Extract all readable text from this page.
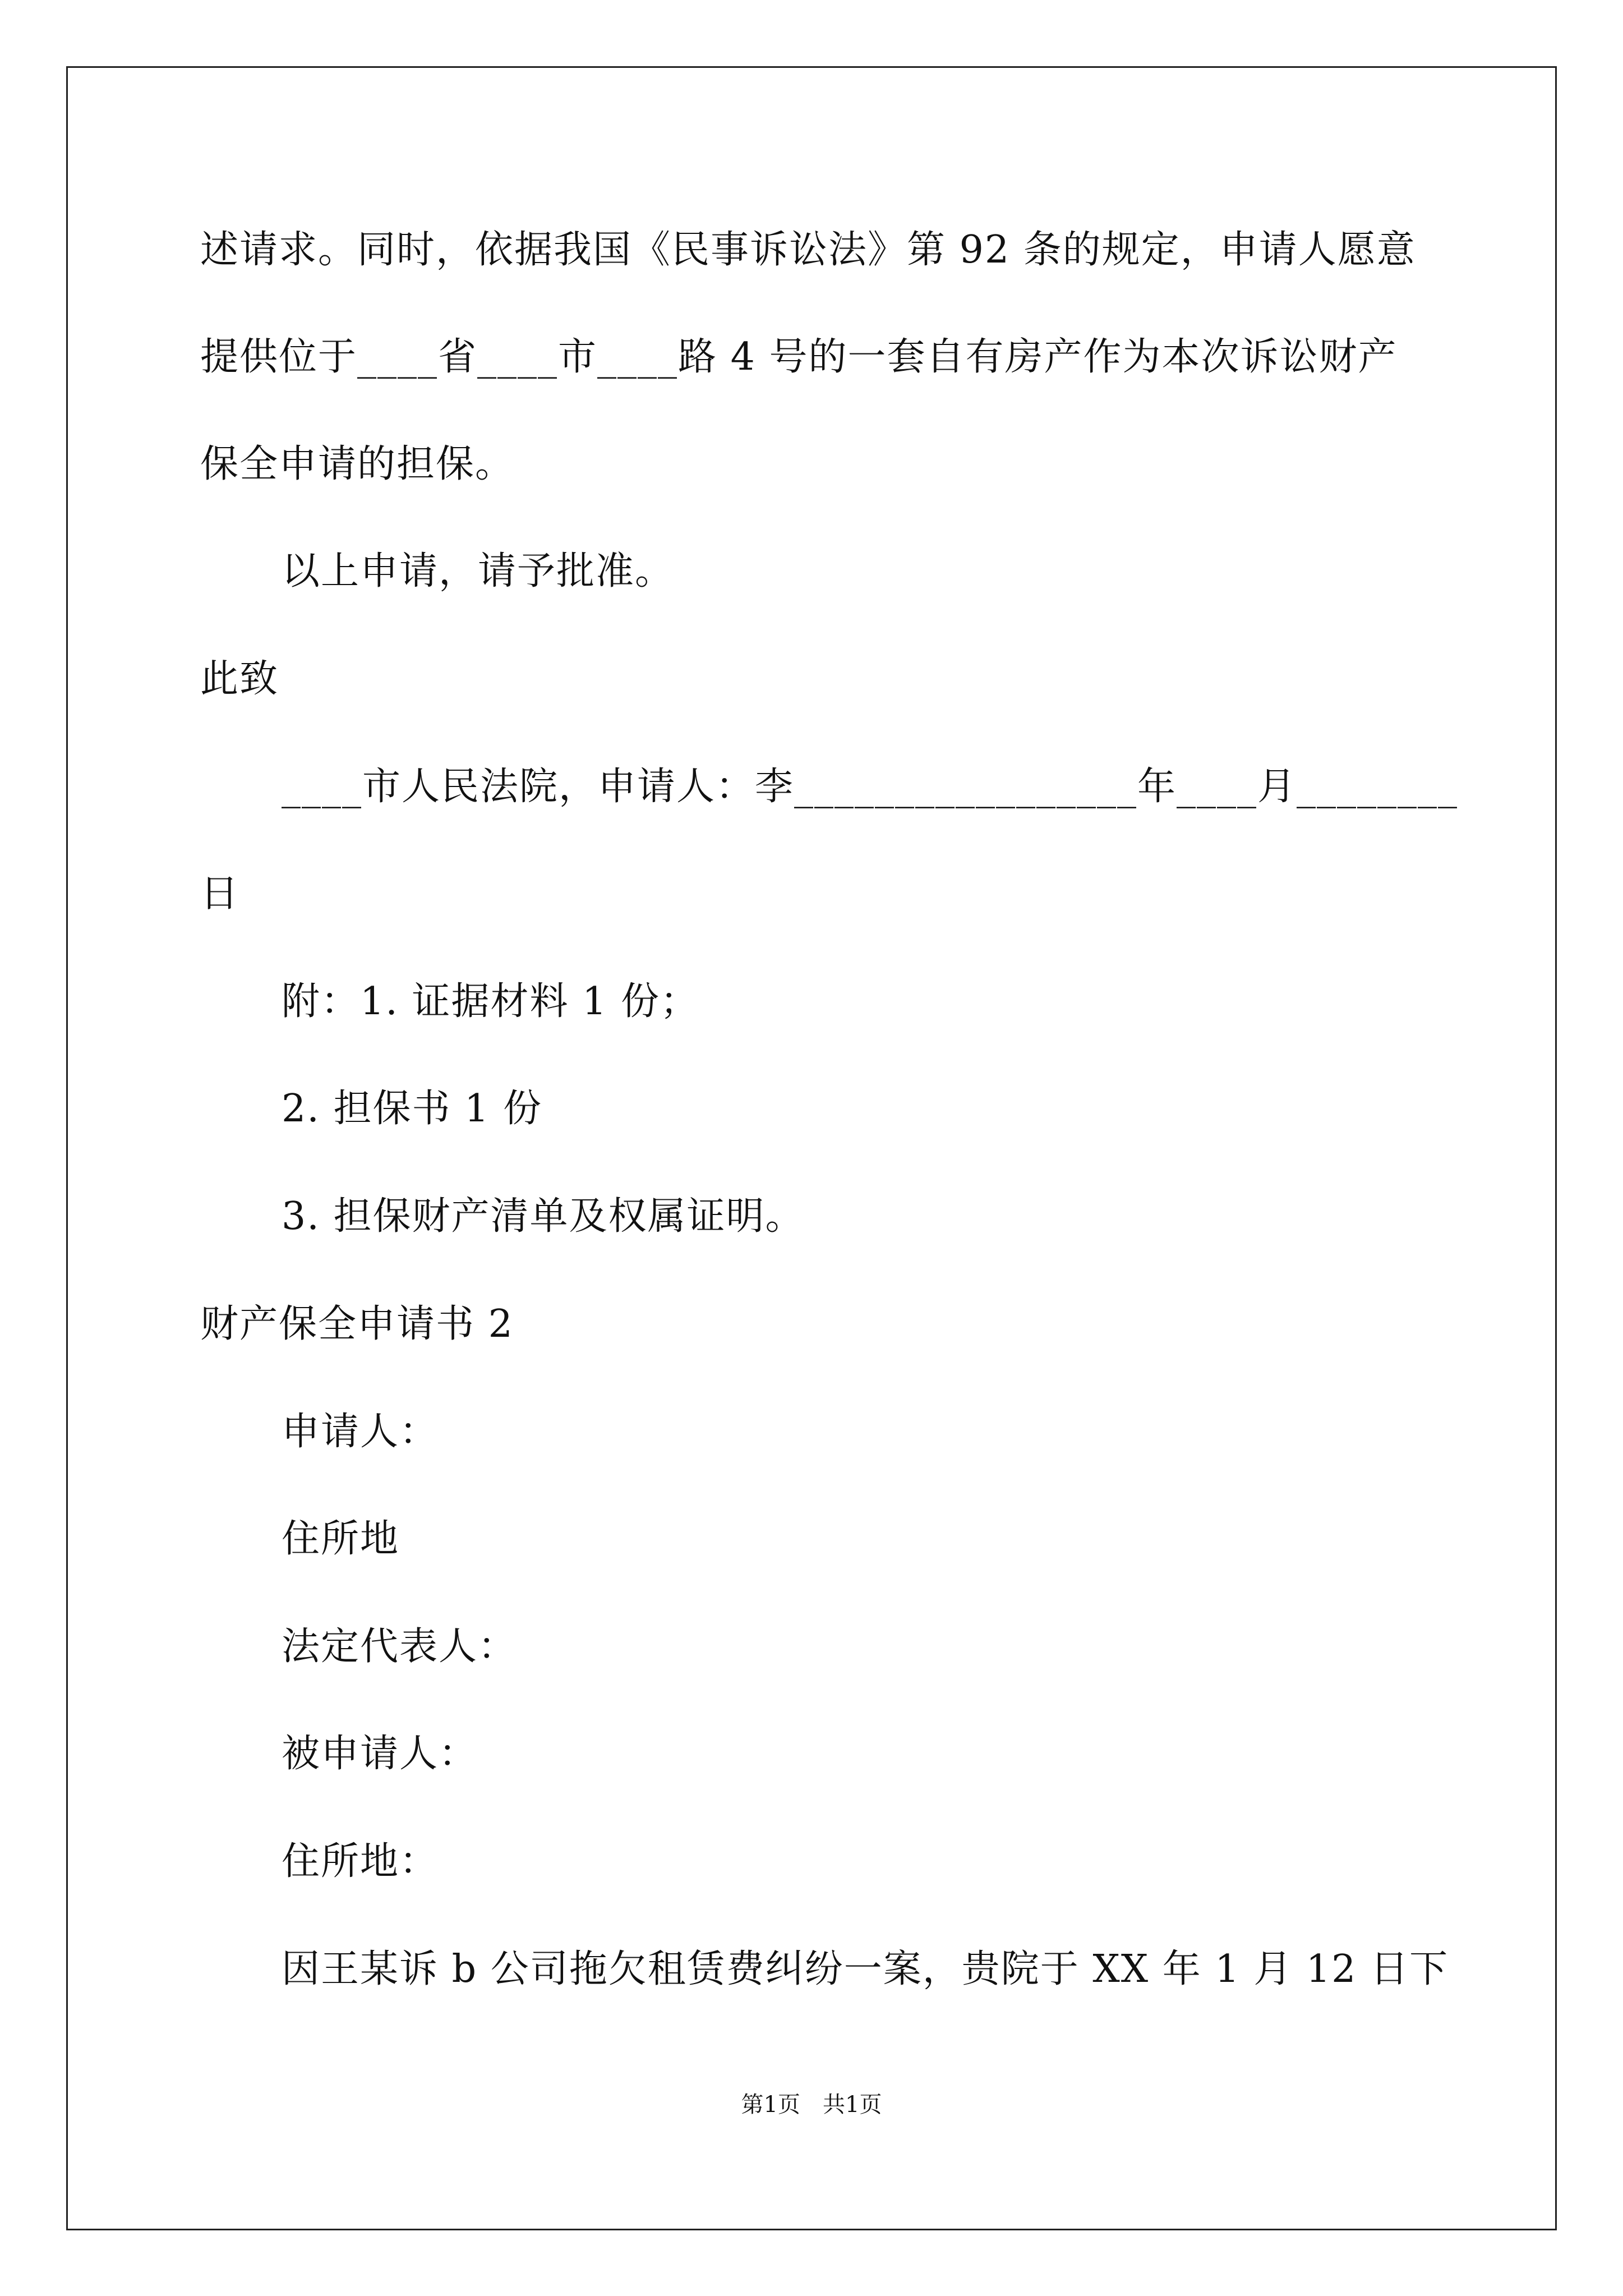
述请求。同时，依据我国《民事诉讼法》第 92 条的规定，申请人愿意
提供位于____省____市____路 4 号的一套自有房产作为本次诉讼财产
保全申请的担保。
以上申请，请予批准。
此致
____市人民法院，申请人：李_________________年____月________
日
附：1. 证据材料 1 份；
2. 担保书 1 份
3. 担保财产清单及权属证明。
财产保全申请书 2
申请人：
住所地
法定代表人：
被申请人：
住所地：
因王某诉 b 公司拖欠租赁费纠纷一案，贵院于 XX 年 1 月 12 日下
第1页　共1页
